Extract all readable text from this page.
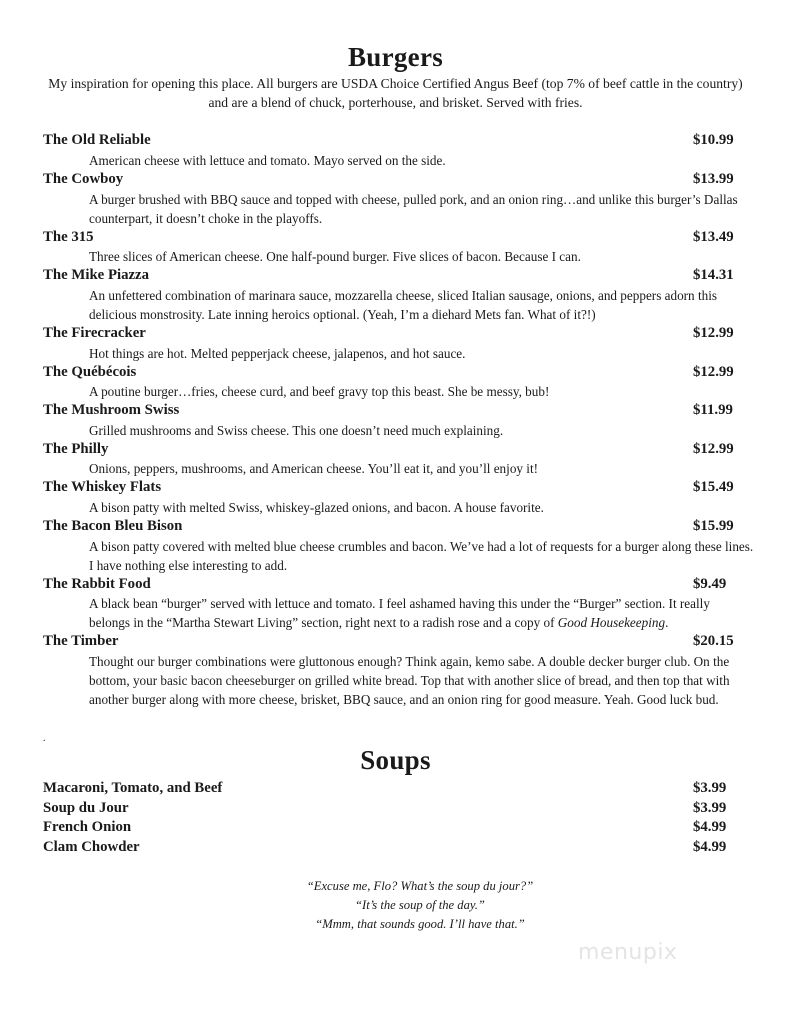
Burgers
My inspiration for opening this place. All burgers are USDA Choice Certified Angus Beef (top 7% of beef cattle in the country) and are a blend of chuck, porterhouse, and brisket. Served with fries.
The Old Reliable	$10.99
American cheese with lettuce and tomato. Mayo served on the side.
The Cowboy	$13.99
A burger brushed with BBQ sauce and topped with cheese, pulled pork, and an onion ring…and unlike this burger’s Dallas counterpart, it doesn’t choke in the playoffs.
The 315	$13.49
Three slices of American cheese. One half-pound burger. Five slices of bacon. Because I can.
The Mike Piazza	$14.31
An unfettered combination of marinara sauce, mozzarella cheese, sliced Italian sausage, onions, and peppers adorn this delicious monstrosity. Late inning heroics optional. (Yeah, I’m a diehard Mets fan. What of it?!)
The Firecracker	$12.99
Hot things are hot. Melted pepperjack cheese, jalapenos, and hot sauce.
The Québécois	$12.99
A poutine burger…fries, cheese curd, and beef gravy top this beast. She be messy, bub!
The Mushroom Swiss	$11.99
Grilled mushrooms and Swiss cheese. This one doesn’t need much explaining.
The Philly	$12.99
Onions, peppers, mushrooms, and American cheese. You’ll eat it, and you’ll enjoy it!
The Whiskey Flats	$15.49
A bison patty with melted Swiss, whiskey-glazed onions, and bacon. A house favorite.
The Bacon Bleu Bison	$15.99
A bison patty covered with melted blue cheese crumbles and bacon. We’ve had a lot of requests for a burger along these lines. I have nothing else interesting to add.
The Rabbit Food	$9.49
A black bean “burger” served with lettuce and tomato. I feel ashamed having this under the “Burger” section. It really belongs in the “Martha Stewart Living” section, right next to a radish rose and a copy of Good Housekeeping.
The Timber	$20.15
Thought our burger combinations were gluttonous enough? Think again, kemo sabe. A double decker burger club. On the bottom, your basic bacon cheeseburger on grilled white bread. Top that with another slice of bread, and then top that with another burger along with more cheese, brisket, BBQ sauce, and an onion ring for good measure. Yeah. Good luck bud.
.
Soups
Macaroni, Tomato, and Beef	$3.99
Soup du Jour	$3.99
French Onion	$4.99
Clam Chowder	$4.99
“Excuse me, Flo? What’s the soup du jour?”
“It’s the soup of the day.”
“Mmm, that sounds good. I’ll have that.”
menupix
